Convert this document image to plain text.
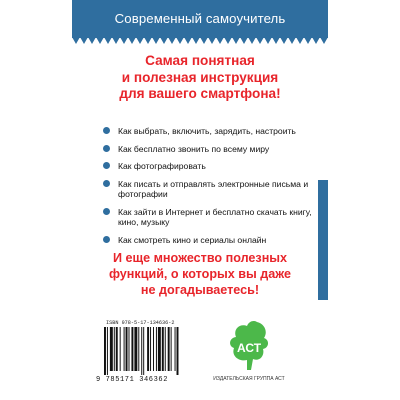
Современный самоучитель
Самая понятная
и полезная инструкция
для вашего смартфона!
Как выбрать, включить, зарядить, настроить
Как бесплатно звонить по всему миру
Как фотографировать
Как писать и отправлять электронные письма и фотографии
Как зайти в Интернет и бесплатно скачать книгу, кино, музыку
Как смотреть кино и сериалы онлайн
И еще множество полезных
функций, о которых вы даже
не догадываетесь!
ISBN 978-5-17-134636-2
9 785171 346362
АСТ
ИЗДАТЕЛЬСКАЯ ГРУППА АСТ
